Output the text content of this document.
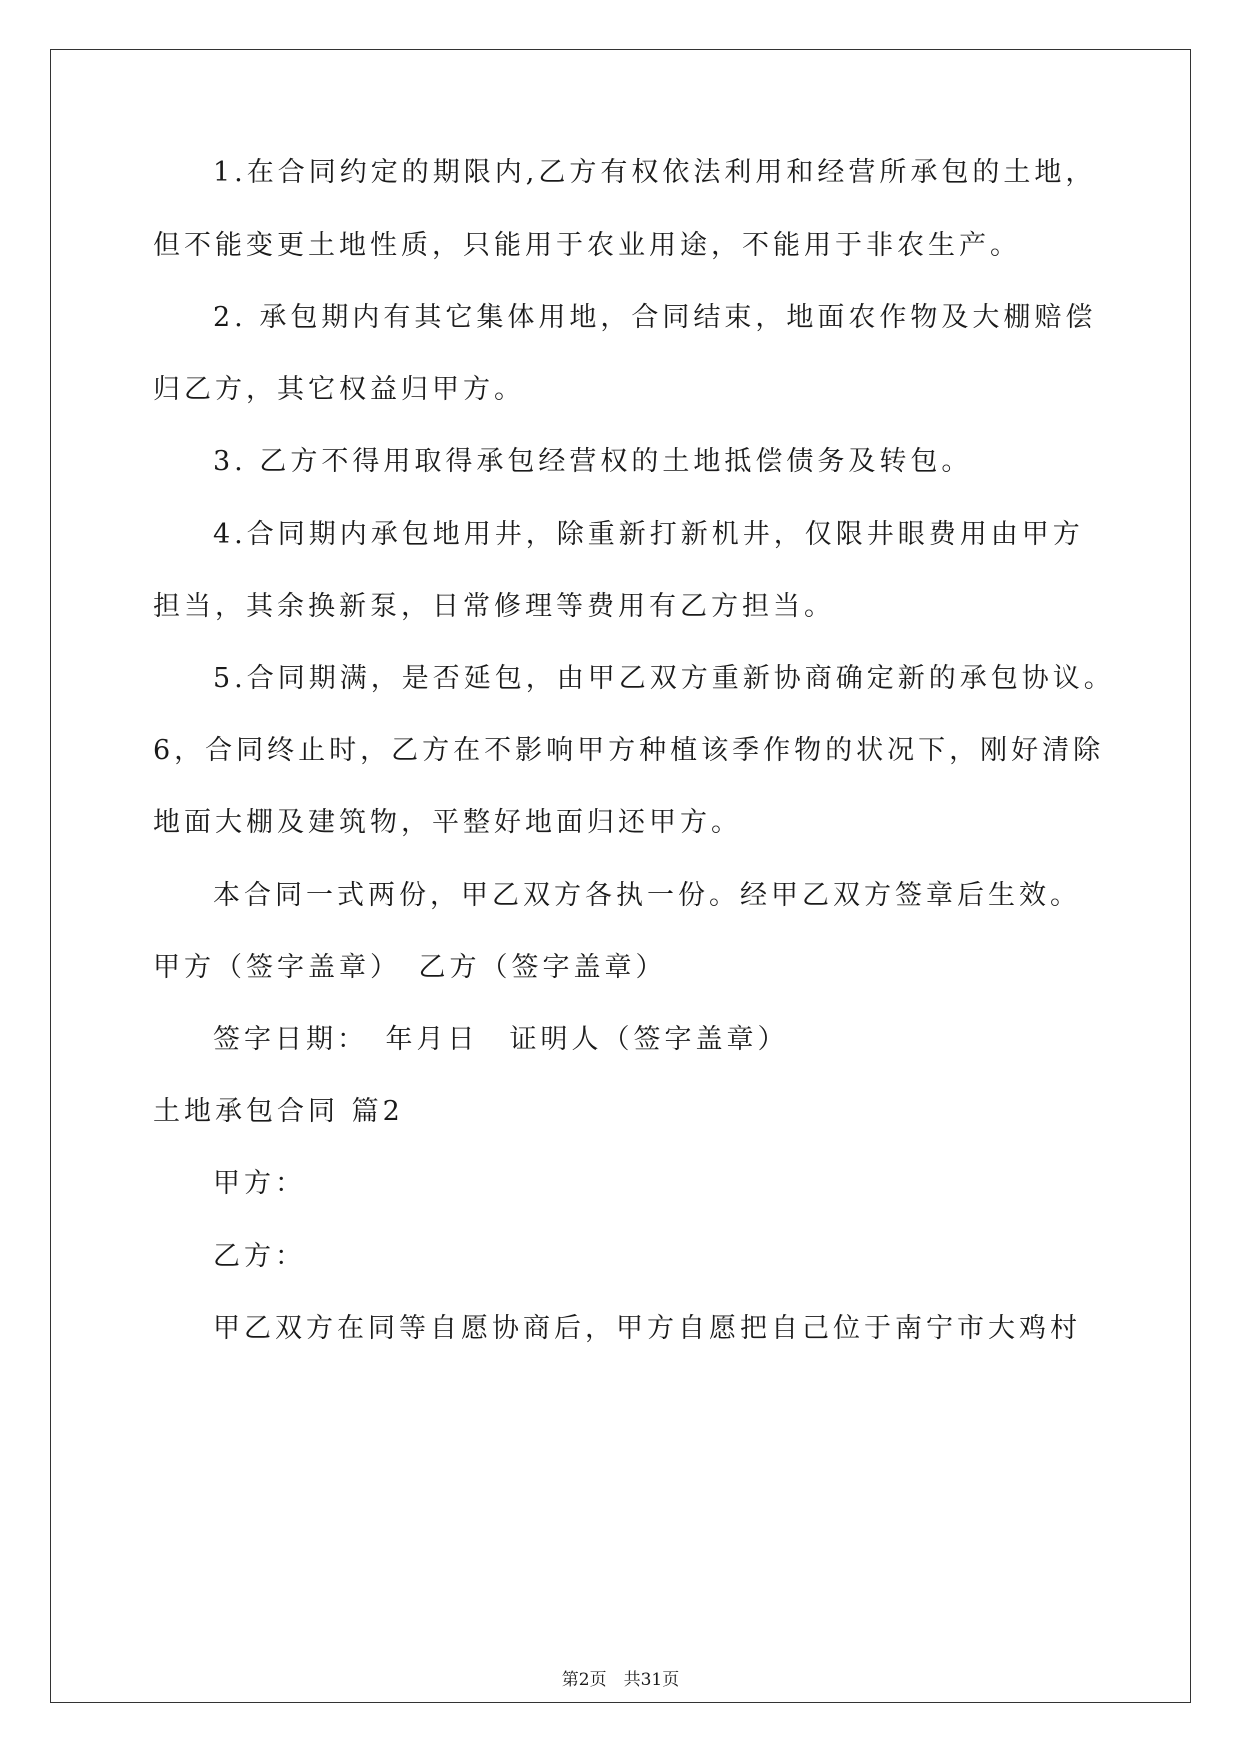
1.在合同约定的期限内,乙方有权依法利用和经营所承包的土地，
但不能变更土地性质，只能用于农业用途，不能用于非农生产。
2. 承包期内有其它集体用地，合同结束，地面农作物及大棚赔偿
归乙方，其它权益归甲方。
3. 乙方不得用取得承包经营权的土地抵偿债务及转包。
4.合同期内承包地用井，除重新打新机井，仅限井眼费用由甲方
担当，其余换新泵，日常修理等费用有乙方担当。
5.合同期满，是否延包，由甲乙双方重新协商确定新的承包协议。
6，合同终止时，乙方在不影响甲方种植该季作物的状况下，刚好清除
地面大棚及建筑物，平整好地面归还甲方。
本合同一式两份，甲乙双方各执一份。经甲乙双方签章后生效。
甲方（签字盖章）　乙方（签字盖章）
签字日期：　年月日　证明人（签字盖章）
土地承包合同 篇2
甲方：
乙方：
甲乙双方在同等自愿协商后，甲方自愿把自己位于南宁市大鸡村
第2页　 共31页
